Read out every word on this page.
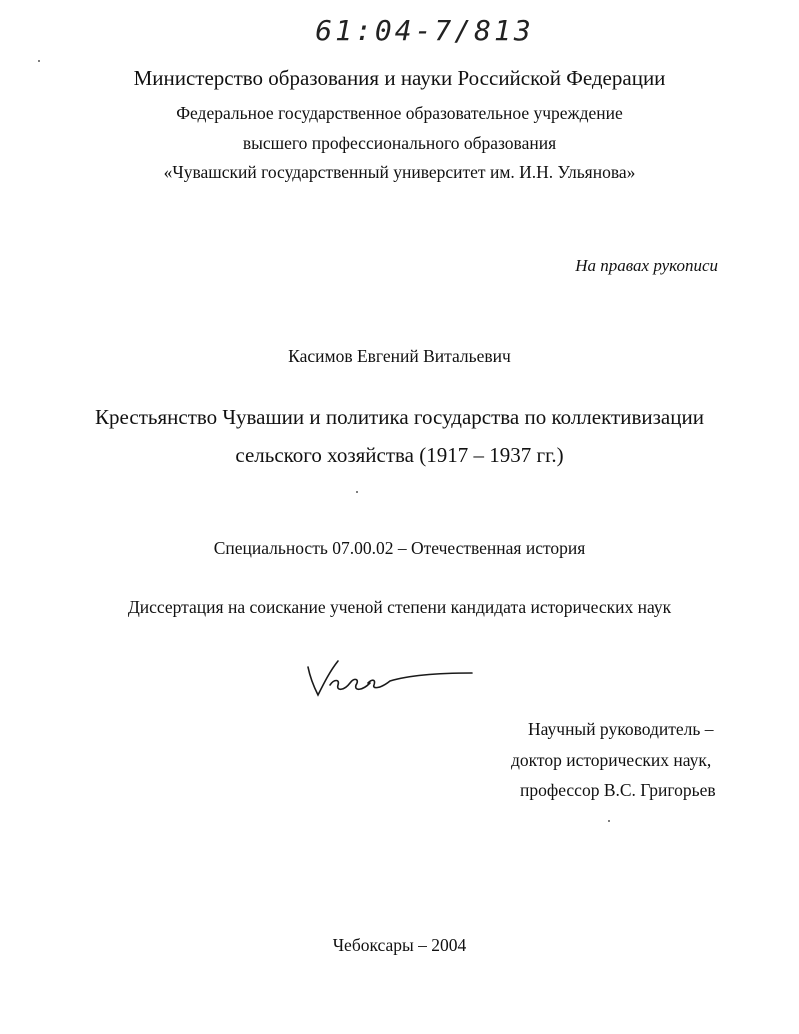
61:04-7/813
Министерство образования и науки Российской Федерации
Федеральное государственное образовательное учреждение
высшего профессионального образования
«Чувашский государственный университет им. И.Н. Ульянова»
На правах рукописи
Касимов Евгений Витальевич
Крестьянство Чувашии и политика государства по коллективизации
сельского хозяйства (1917 – 1937 гг.)
Специальность 07.00.02 – Отечественная история
Диссертация на соискание ученой степени кандидата исторических наук
Научный руководитель –
доктор исторических наук,
профессор В.С. Григорьев
Чебоксары – 2004
